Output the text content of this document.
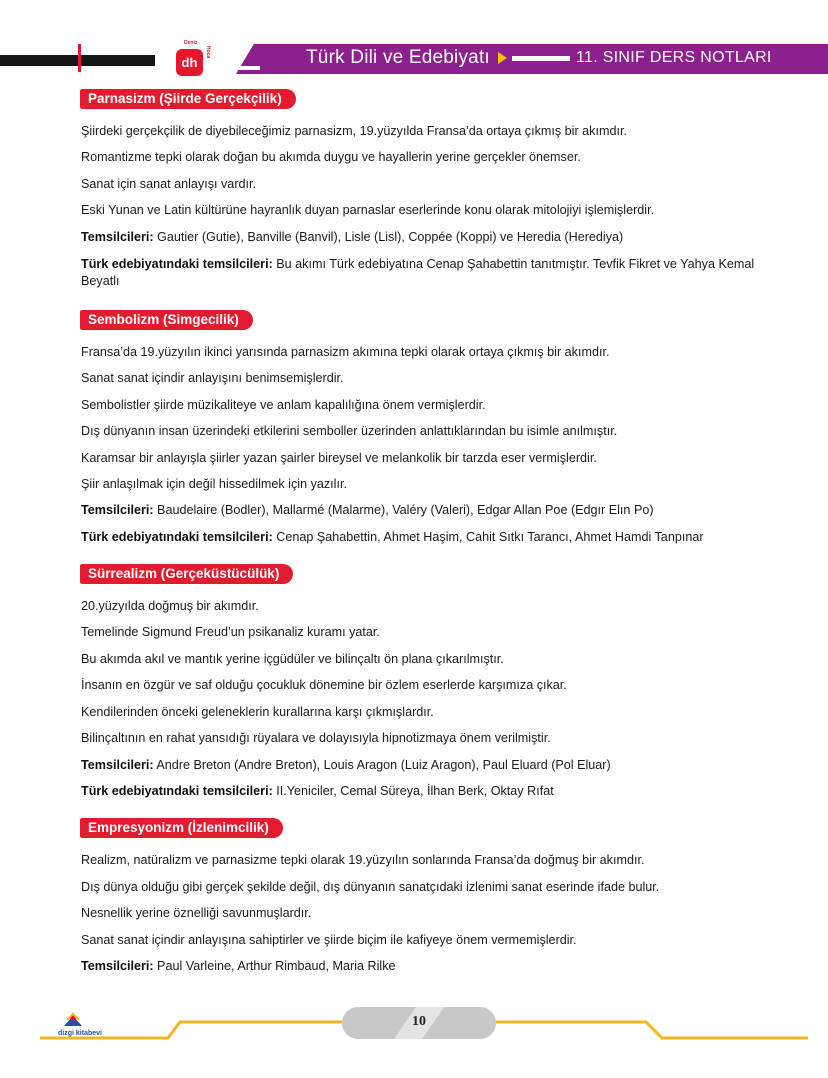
Deniz
dh
Hoca	Türk Dili ve Edebiyatı	11. SINIF DERS NOTLARI
Parnasizm (Şiirde Gerçekçilik)
Şiirdeki gerçekçilik de diyebileceğimiz parnasizm, 19.yüzyılda Fransa’da ortaya çıkmış bir akımdır.
Romantizme tepki olarak doğan bu akımda duygu ve hayallerin yerine gerçekler önemser.
Sanat için sanat anlayışı vardır.
Eski Yunan ve Latin kültürüne hayranlık duyan parnaslar eserlerinde konu olarak mitolojiyi işlemişlerdir.
Temsilcileri: Gautier (Gutie), Banville (Banvil), Lisle (Lisl), Coppée (Koppi) ve Heredia (Herediya)
Türk edebiyatındaki temsilcileri: Bu akımı Türk edebiyatına Cenap Şahabettin tanıtmıştır. Tevfik Fikret ve Yahya Kemal Beyatlı
Sembolizm (Simgecilik)
Fransa’da 19.yüzyılın ikinci yarısında parnasizm akımına tepki olarak ortaya çıkmış bir akımdır.
Sanat sanat içindir anlayışını benimsemişlerdir.
Sembolistler şiirde müzikaliteye ve anlam kapalılığına önem vermişlerdir.
Dış dünyanın insan üzerindeki etkilerini semboller üzerinden anlattıklarından bu isimle anılmıştır.
Karamsar bir anlayışla şiirler yazan şairler bireysel ve melankolik bir tarzda eser vermişlerdir.
Şiir anlaşılmak için değil hissedilmek için yazılır.
Temsilcileri: Baudelaire (Bodler), Mallarmé (Malarme), Valéry (Valeri), Edgar Allan Poe (Edgır Elın Po)
Türk edebiyatındaki temsilcileri: Cenap Şahabettin, Ahmet Haşim, Cahit Sıtkı Tarancı, Ahmet Hamdi Tanpınar
Sürrealizm (Gerçeküstücülük)
20.yüzyılda doğmuş bir akımdır.
Temelinde Sigmund Freud’un psikanaliz kuramı yatar.
Bu akımda akıl ve mantık yerine içgüdüler ve bilinçaltı ön plana çıkarılmıştır.
İnsanın en özgür ve saf olduğu çocukluk dönemine bir özlem eserlerde karşımıza çıkar.
Kendilerinden önceki geleneklerin kurallarına karşı çıkmışlardır.
Bilinçaltının en rahat yansıdığı rüyalara ve dolayısıyla hipnotizmaya önem verilmiştir.
Temsilcileri: Andre Breton (Andre Breton), Louis Aragon (Luiz Aragon), Paul Eluard (Pol Eluar)
Türk edebiyatındaki temsilcileri: II.Yeniciler, Cemal Süreya, İlhan Berk, Oktay Rıfat
Empresyonizm (İzlenimcilik)
Realizm, natüralizm ve parnasizme tepki olarak 19.yüzyılın sonlarında Fransa’da doğmuş bir akımdır.
Dış dünya olduğu gibi gerçek şekilde değil, dış dünyanın sanatçıdaki izlenimi sanat eserinde ifade bulur.
Nesnellik yerine öznelliği savunmuşlardır.
Sanat sanat içindir anlayışına sahiptirler ve şiirde biçim ile kafiyeye önem vermemişlerdir.
Temsilcileri: Paul Varleine, Arthur Rimbaud, Maria Rilke
dizgi kitabevi
10
